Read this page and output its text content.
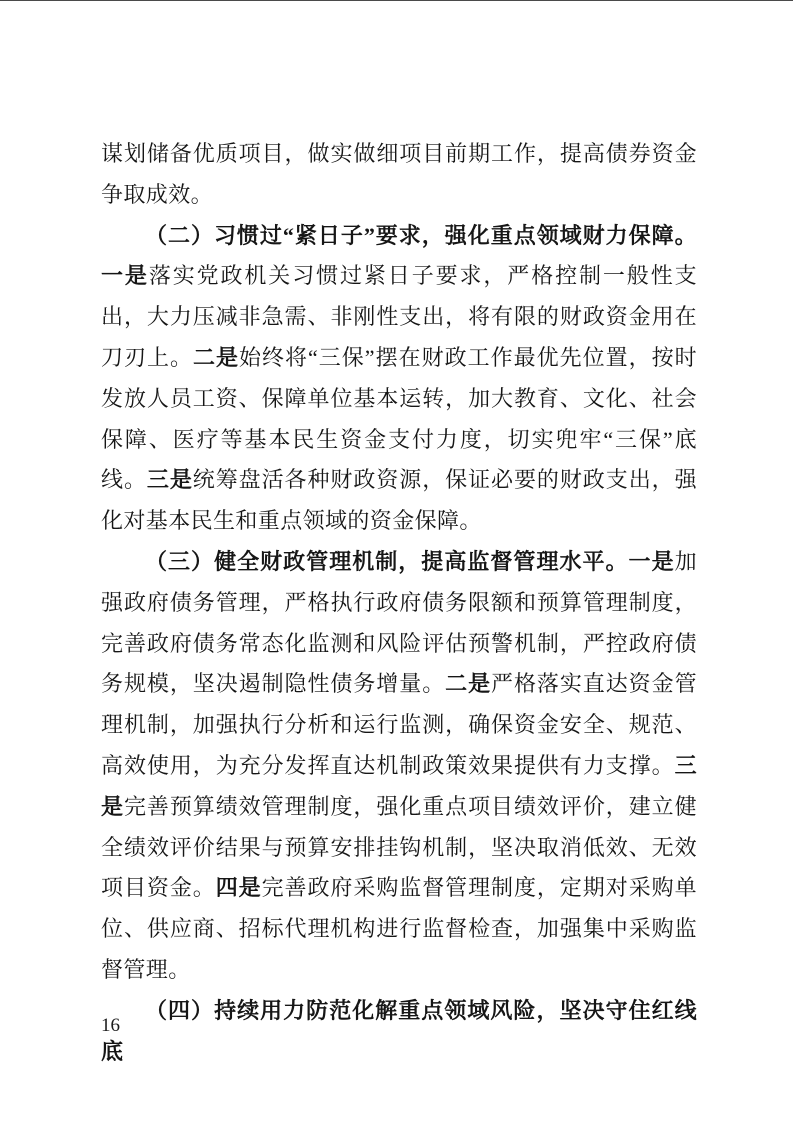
谋划储备优质项目，做实做细项目前期工作，提高债券资金争取成效。

（二）习惯过“紧日子”要求，强化重点领域财力保障。一是落实党政机关习惯过紧日子要求，严格控制一般性支出，大力压减非急需、非刚性支出，将有限的财政资金用在刀刃上。二是始终将“三保”摆在财政工作最优先位置，按时发放人员工资、保障单位基本运转，加大教育、文化、社会保障、医疗等基本民生资金支付力度，切实兜牢“三保”底线。三是统筹盘活各种财政资源，保证必要的财政支出，强化对基本民生和重点领域的资金保障。

（三）健全财政管理机制，提高监督管理水平。一是加强政府债务管理，严格执行政府债务限额和预算管理制度，完善政府债务常态化监测和风险评估预警机制，严控政府债务规模，坚决遏制隐性债务增量。二是严格落实直达资金管理机制，加强执行分析和运行监测，确保资金安全、规范、高效使用，为充分发挥直达机制政策效果提供有力支撑。三是完善预算绩效管理制度，强化重点项目绩效评价，建立健全绩效评价结果与预算安排挂钩机制，坚决取消低效、无效项目资金。四是完善政府采购监督管理制度，定期对采购单位、供应商、招标代理机构进行监督检查，加强集中采购监督管理。

（四）持续用力防范化解重点领域风险，坚决守住红线底

16
